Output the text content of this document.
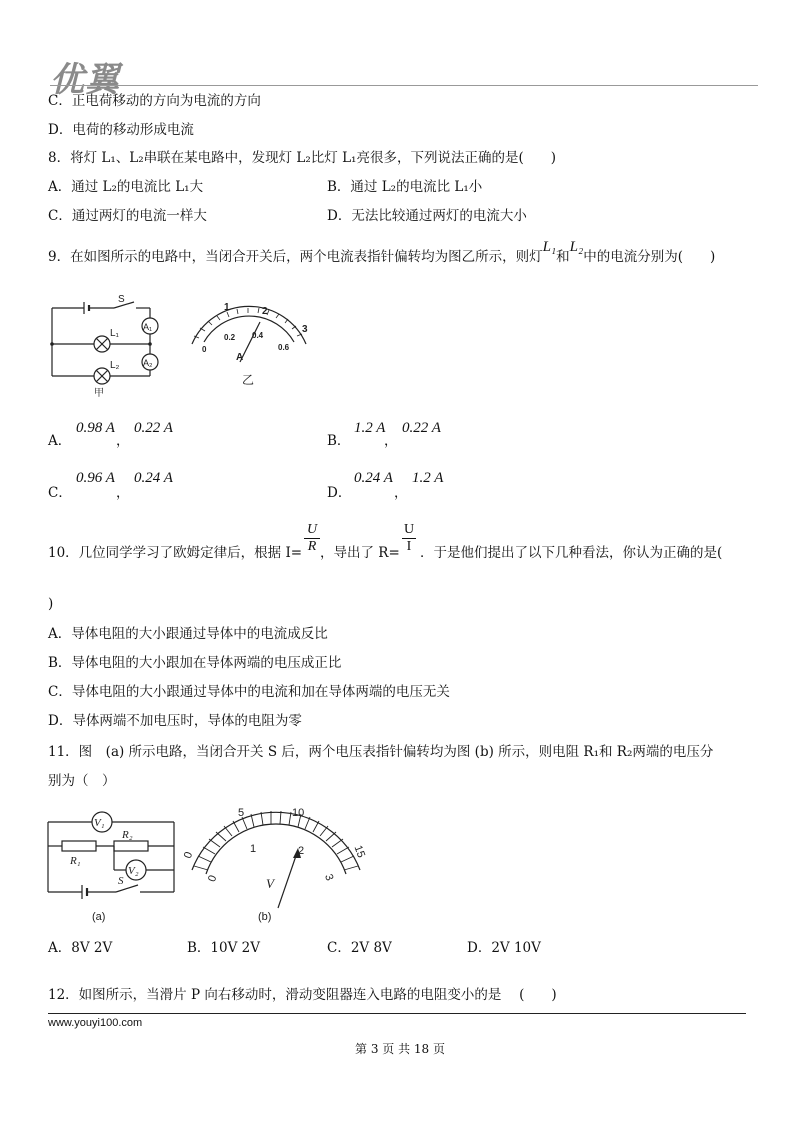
优翼
C．正电荷移动的方向为电流的方向
D．电荷的移动形成电流
8．将灯 L₁、L₂串联在某电路中，发现灯 L₂比灯 L₁亮很多，下列说法正确的是(　　)
A．通过 L₂的电流比 L₁大	B．通过 L₂的电流比 L₁小
C．通过两灯的电流一样大	D．无法比较通过两灯的电流大小
9．在如图所示的电路中，当闭合开关后，两个电流表指针偏转均为图乙所示，则灯L₁和L₂中的电流分别为(　　)
S
A₁
A₂
L₁
L₂
甲
1	2
3
0
0.2 0.4
0.6
A
乙
A．
0.98 A
，
0.22 A
B．
1.2 A
，
0.22 A
C．
0.96 A
，
0.24 A
D．
0.24 A
，
1.2 A
10．几位同学学习了欧姆定律后，根据 $I= \frac{U}{R}$ ，导出了 $R= \frac{U}{I}$ ．于是他们提出了以下几种看法，你认为正确的是(
)
A．导体电阻的大小跟通过导体中的电流成反比
B．导体电阻的大小跟加在导体两端的电压成正比
C．导体电阻的大小跟通过导体中的电流和加在导体两端的电压无关
D．导体两端不加电压时，导体的电阻为零
11．图　(a) 所示电路，当闭合开关 S 后，两个电压表指针偏转均为图 (b) 所示，则电阻 R₁和 R₂两端的电压分
别为（　）
V₁
V₂
R₁
R₂
S
(a)
0
5	10
15
0
1	2
3
V
(b)
A．8V 2V	B．10V 2V	C．2V 8V	D．2V 10V
12．如图所示，当滑片 P 向右移动时，滑动变阻器连入电路的电阻变小的是　 (　　)
www.youyi100.com
第 3 页 共 18 页
